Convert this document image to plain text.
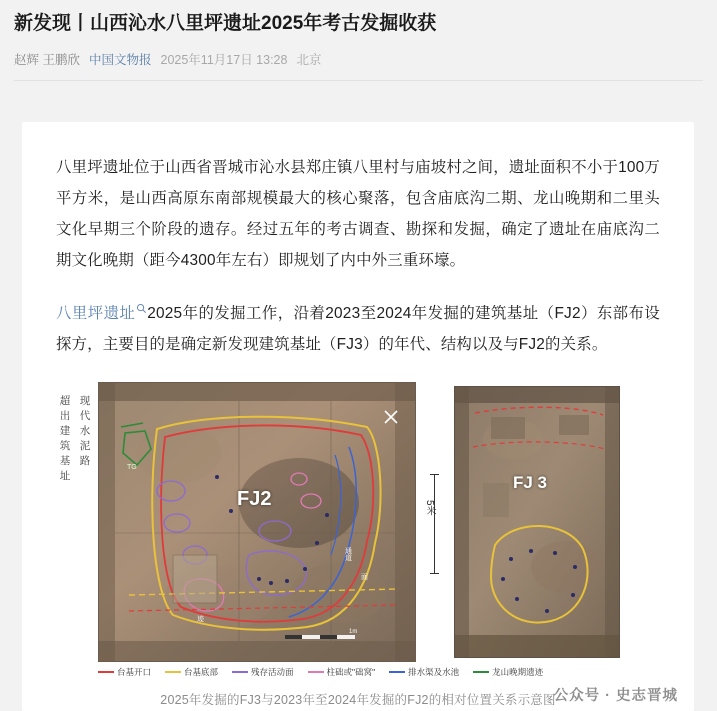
新发现丨山西沁水八里坪遗址2025年考古发掘收获
赵辉 王鹏欣 中国文物报 2025年11月17日 13:28 北京

八里坪遗址位于山西省晋城市沁水县郑庄镇八里村与庙坡村之间，遗址面积不小于100万平方米，是山西高原东南部规模最大的核心聚落，包含庙底沟二期、龙山晚期和二里头文化早期三个阶段的遗存。经过五年的考古调查、勘探和发掘，确定了遗址在庙底沟二期文化晚期（距今4300年左右）即规划了内中外三重环壕。

八里坪遗址 2025年的发掘工作，沿着2023至2024年发掘的建筑基址（FJ2）东部布设探方，主要目的是确定新发现建筑基址（FJ3）的年代、结构以及与FJ2的关系。

超出建筑基址
现代水泥路
1m
TG
通道
面
迹
FJ2	5米
FJ 3
台基开口	台基底部	残存活动面	柱础或"础窝"	排水渠及水池	龙山晚期遗迹
2025年发掘的FJ3与2023年至2024年发掘的FJ2的相对位置关系示意图
公众号 · 史志晋城
